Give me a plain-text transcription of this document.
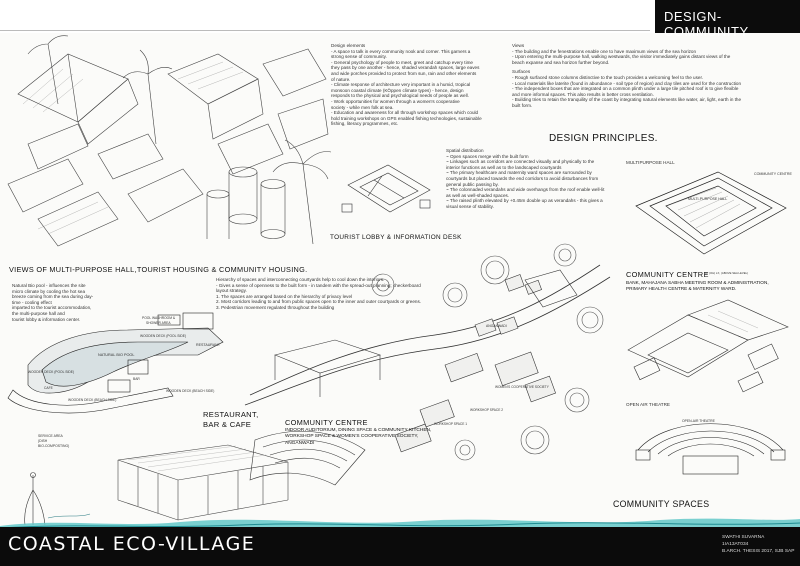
DESIGN- COMMUNITY

Design elements

- A space to talk in every community nook and corner. This garners a

strong sense of community.

- General psychology of people to meet, greet and catchup every time

they pass by one another - hence, shaded verandah spaces, large eaves

and wide porches provided to protect from sun, rain and other elements

of nature.

- Climate response of architecture very important in a humid, tropical

monsoon coastal climate (KÖppen climate types) - hence, design

responds to the physical and psychological needs of people as well.

- Work opportunities for women through a women's cooperative

society - while men folk at sea.

- Education and awareness for all through workshop spaces which could

hold training workshops on GPS enabled fishing technologies, sustainable

fishing, literacy programmes, etc.

Views

- The building and the fenestrations enable one to have maximum views of the sea horizon

- Upon entering the multi-purpose hall, walking westwards, the visitor immediately gains distant views of the

beach expanse and sea horizon further beyond.

Surfaces

- Rough surfaced stone columns distinctive to the touch provides a welcoming feel to the user.

- Local materials like laterite (found in abundance - soil type of region) and clay tiles are used for the construction

- The independent boxes that are integrated on a common plinth under a large tile pitched roof is to give flexible

and more informal spaces. This also results in better cross ventilation.

- Building tries to retain the tranquility of the coast by integrating natural elements like water, air, light, earth in the

built form.

DESIGN PRINCIPLES.

Spatial distribution

~ Open spaces merge with the built form

~ Linkages such as corridors are connected visually and physically to the

interior functions as well as to the landscaped courtyards

~ The primary healthcare and maternity ward spaces are surrounded by

courtyards but placed towards the end corridors to avoid disturbances from

general public passing by.

~ The colonnaded verandahs and wide overhangs from the roof enable well-lit

as well as well-shaded spaces.

~ The raised plinth elevated by +0.45m double up as verandahs - this gives a

visual sense of stability.

TOURIST LOBBY & INFORMATION DESK
MULTIPURPOSE HALL
MULTI-PURPOSE HALL
COMMUNITY CENTRE
VIEWS OF MULTI-PURPOSE HALL,TOURIST HOUSING & COMMUNITY HOUSING.

Natural Bio pool - influences the site

micro climate by cooling the hot sea

breeze coming from the sea during day-

time - cooling effect

imparted to the tourist accommodation,

the multi-purpose hall and

tourist lobby & information center.

Hierarchy of spaces and interconnecting courtyards help to cool down the interiors.

- Gives a sense of openness to the built form - in tandem with the spread-out planning; checkerboard

layout strategy.

1. The spaces are arranged based on the hierarchy of privacy level

2. Most corridors leading to and from public spaces open to the inner and outer courtyards or greens.

3. Pedestrian movement regulated throughout the building

POOL WASHROOM &
SHOWER AREA
WOODEN DECK (POOL SIDE)
RESTAURANT
NATURAL BIO POOL
WOODEN DECK (POOL SIDE)
BAR
CAFE
WOODEN DECK (BEACH SIDE)
WOODEN DECK (BEACH SIDE)
SERVICE AREA
(DISH
BIO-COMPOSTING)
RESTAURANT,
BAR & CAFE
ANGANWADI
WOMEN'S COOPERATIVE SOCIETY
WORKSHOP SPACE 1
WORKSHOP SPACE 2
COMMUNITY CENTRE

INDOOR AUDITORIUM, DINING SPACE & COMMUNITY KITCHEN,

WORKSHOP SPACE & WOMEN'S COOPERATIVE SOCIETY,

ANGANWADI

COMMUNITY CENTRE
AT (OH) LX, (ABOVE SEA LEVEL)

BANK, MAHAJANA SABHA MEETING ROOM & ADMINISTRATION,

PRIMARY HEALTH CENTRE & MATERNITY WARD.

OPEN AIR THEATRE
OPEN-AIR THEATRE
COMMUNITY SPACES
COASTAL ECO-VILLAGE	SWATHI SUVARNA
1IA13AT034
B.ARCH. THESIS 2017, SJB SAP
